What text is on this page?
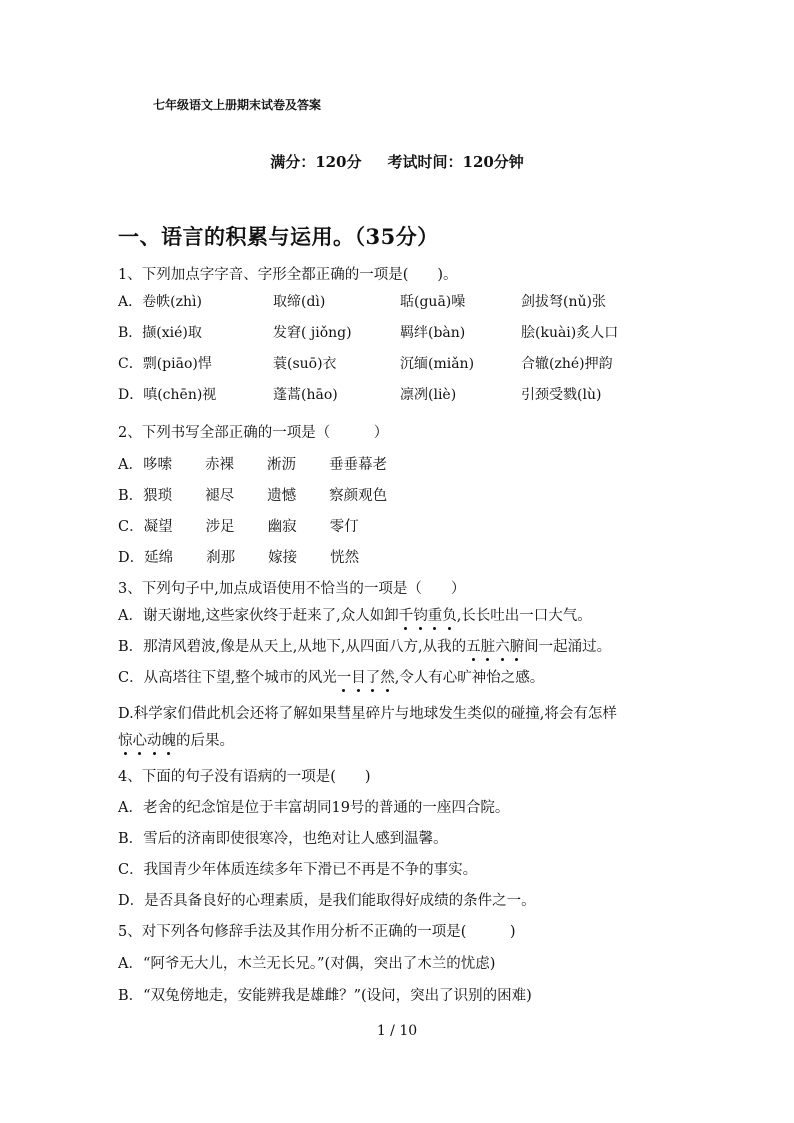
七年级语文上册期末试卷及答案
满分：120分 考试时间：120分钟
一、语言的积累与运用。（35分）
1、下列加点字字音、字形全都正确的一项是(　　)。
A．卷帙(zhì)	取缔(dì)	聒(guā)噪	剑拔弩(nǔ)张
B．撷(xié)取	发窘( jiǒng)	羁绊(bàn)	脍(kuài)炙人口
C．剽(piāo)悍	蓑(suō)衣	沉缅(miǎn)	合辙(zhé)押韵
D．嗔(chēn)视	蓬蒿(hāo)	凛冽(liè)	引颈受戮(lù)
2、下列书写全部正确的一项是（　　　）
A．哆嗦 赤裸 淅沥 垂垂幕老
B．猥琐 褪尽 遗憾 察颜观色
C．凝望 涉足 幽寂 零仃
D．延绵 刹那 嫁接 恍然
3、下列句子中,加点成语使用不恰当的一项是（　　）
A．谢天谢地,这些家伙终于赶来了,众人如卸千钧重负,长长吐出一口大气。
B．那清风碧波,像是从天上,从地下,从四面八方,从我的五脏六腑间一起涌过。
C．从高塔往下望,整个城市的风光一目了然,令人有心旷神怡之感。
D.科学家们借此机会还将了解如果彗星碎片与地球发生类似的碰撞,将会有怎样
惊心动魄的后果。
4、下面的句子没有语病的一项是(　　)
A．老舍的纪念馆是位于丰富胡同19号的普通的一座四合院。
B．雪后的济南即使很寒冷，也绝对让人感到温馨。
C．我国青少年体质连续多年下滑已不再是不争的事实。
D．是否具备良好的心理素质，是我们能取得好成绩的条件之一。
5、对下列各句修辞手法及其作用分析不正确的一项是(　　　)
A．“阿爷无大儿，木兰无长兄。”(对偶，突出了木兰的忧虑)
B．“双兔傍地走，安能辨我是雄雌？”(设问，突出了识别的困难)
1 / 10
